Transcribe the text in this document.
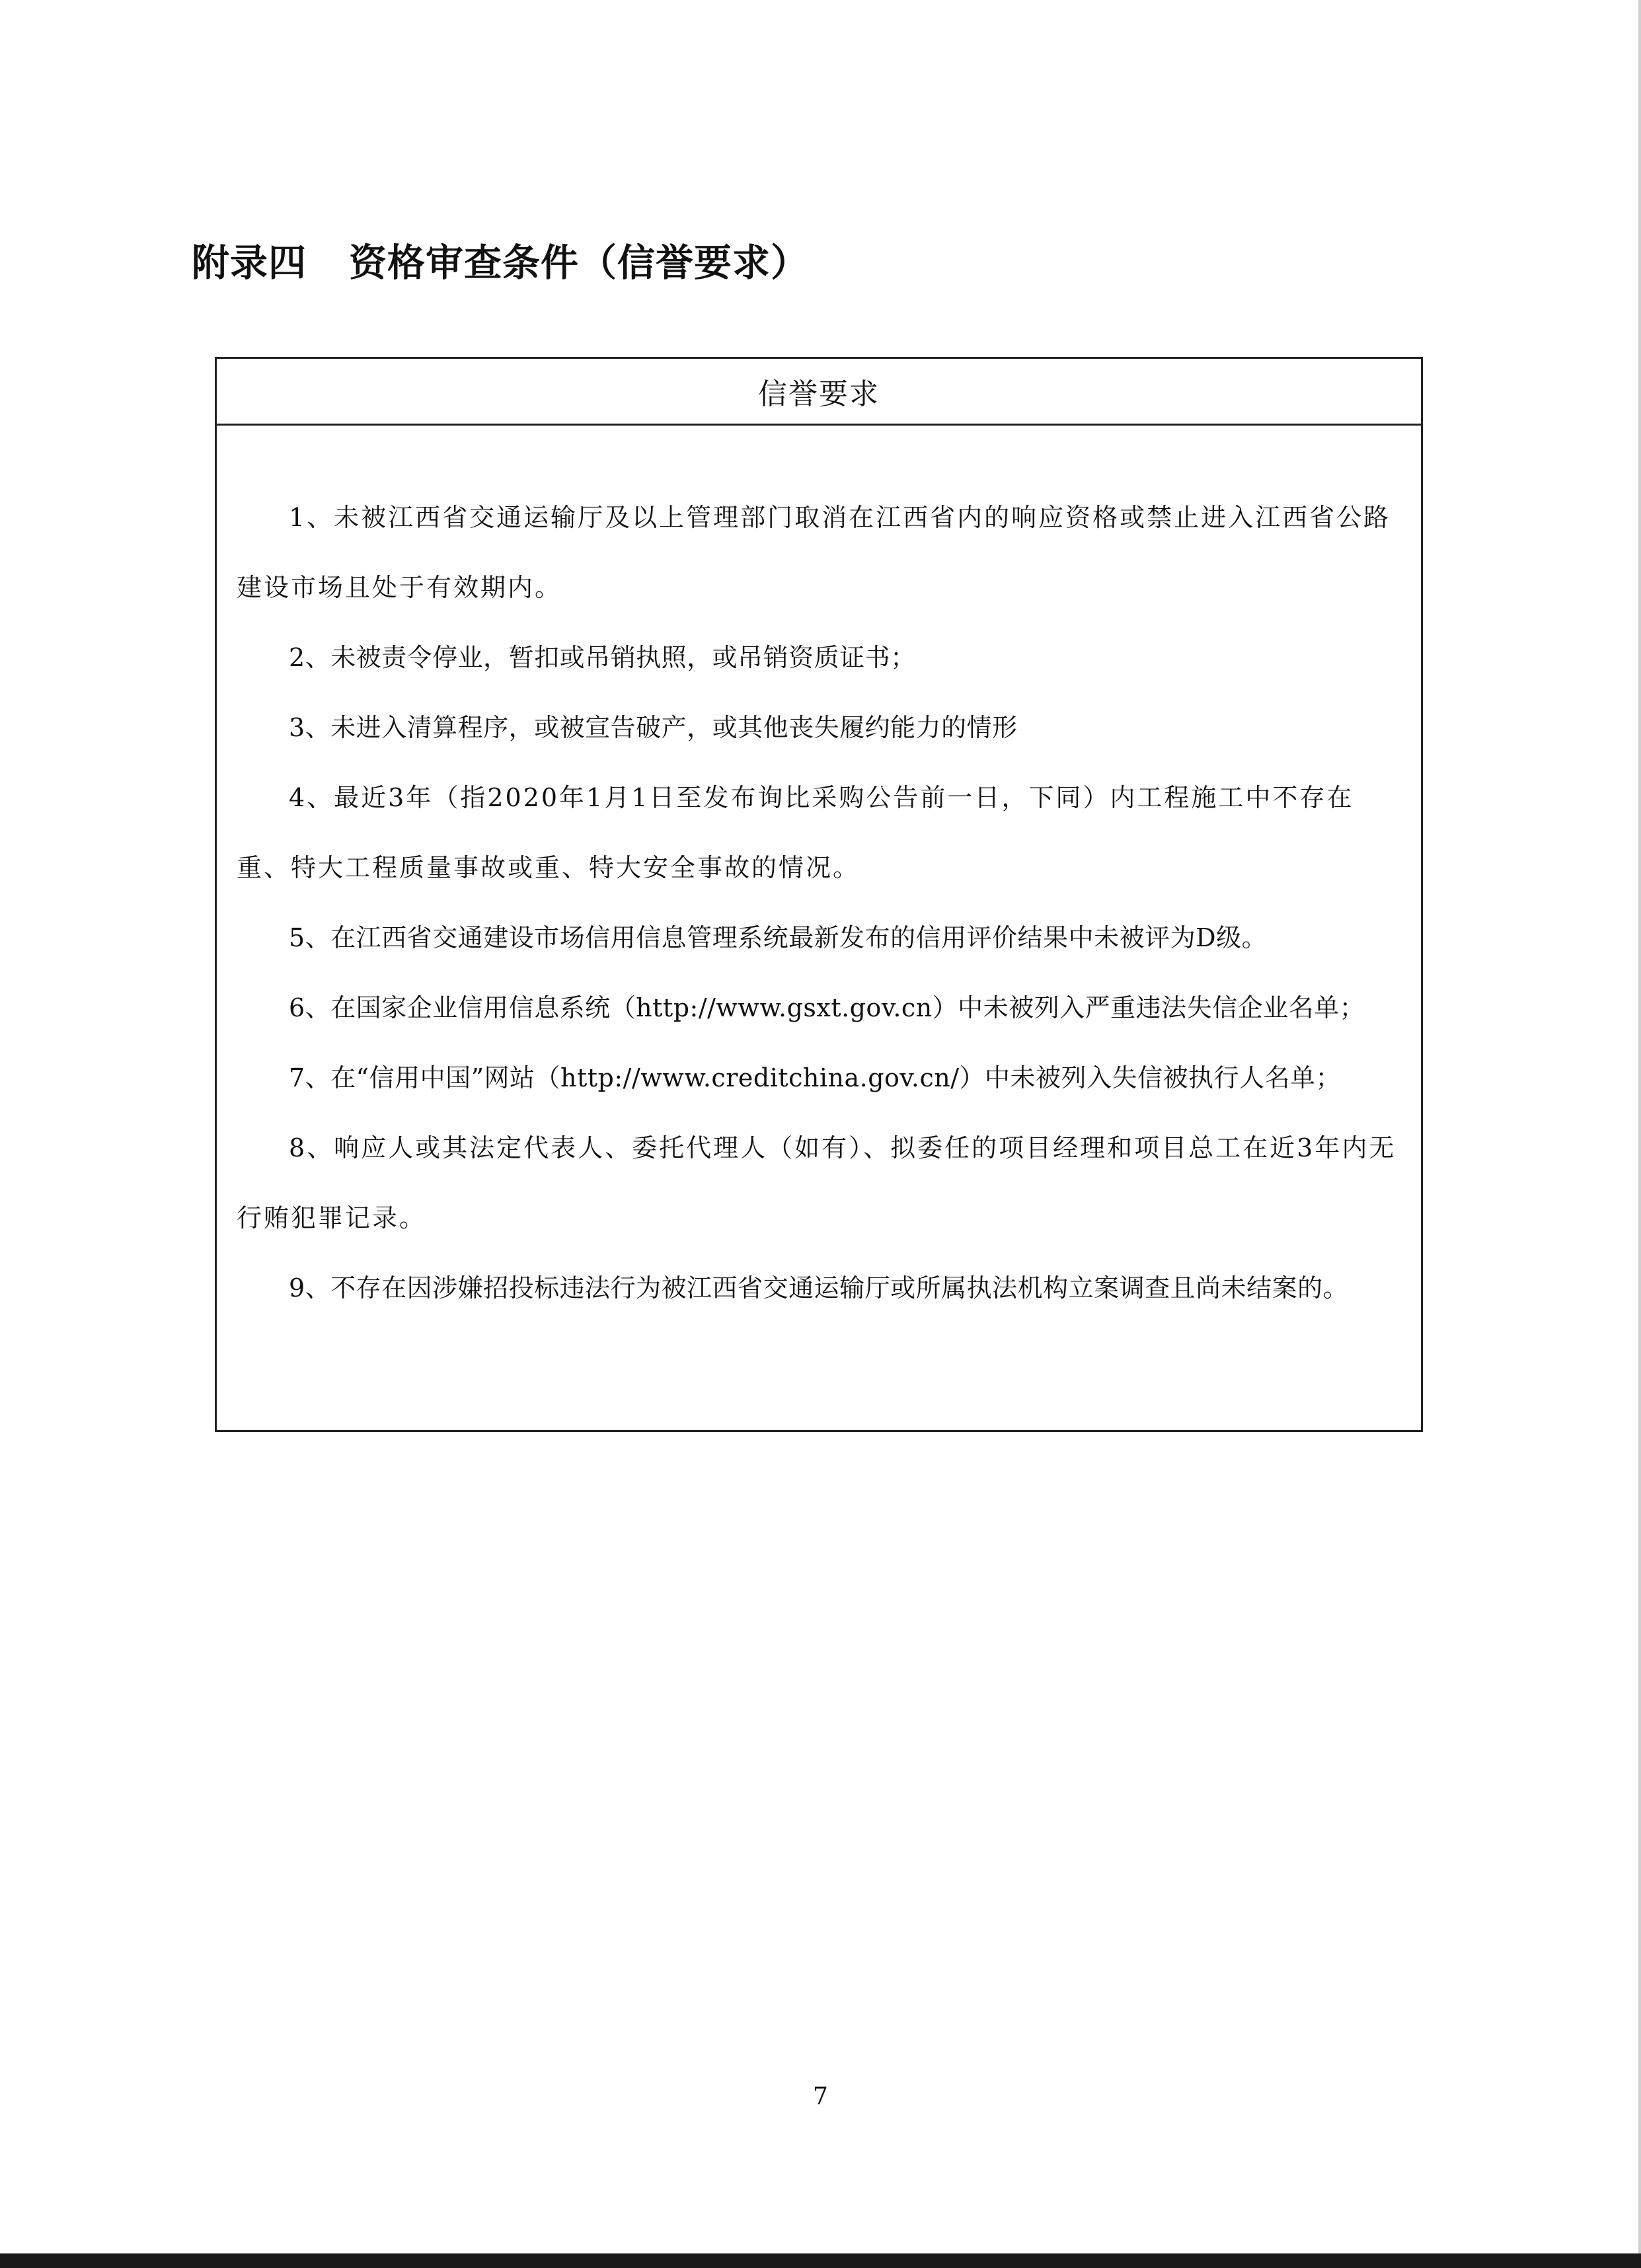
附录四 资格审查条件（信誉要求）
信誉要求
1、未被江西省交通运输厅及以上管理部门取消在江西省内的响应资格或禁止进入江西省公路建设市场且处于有效期内。
2、未被责令停业，暂扣或吊销执照，或吊销资质证书；
3、未进入清算程序，或被宣告破产，或其他丧失履约能力的情形
4、最近3年（指2020年1月1日至发布询比采购公告前一日，下同）内工程施工中不存在重、特大工程质量事故或重、特大安全事故的情况。
5、在江西省交通建设市场信用信息管理系统最新发布的信用评价结果中未被评为D级。
6、在国家企业信用信息系统（http://www.gsxt.gov.cn）中未被列入严重违法失信企业名单；
7、在“信用中国”网站（http://www.creditchina.gov.cn/）中未被列入失信被执行人名单；
8、响应人或其法定代表人、委托代理人（如有）、拟委任的项目经理和项目总工在近3年内无行贿犯罪记录。
9、不存在因涉嫌招投标违法行为被江西省交通运输厅或所属执法机构立案调查且尚未结案的。
7
